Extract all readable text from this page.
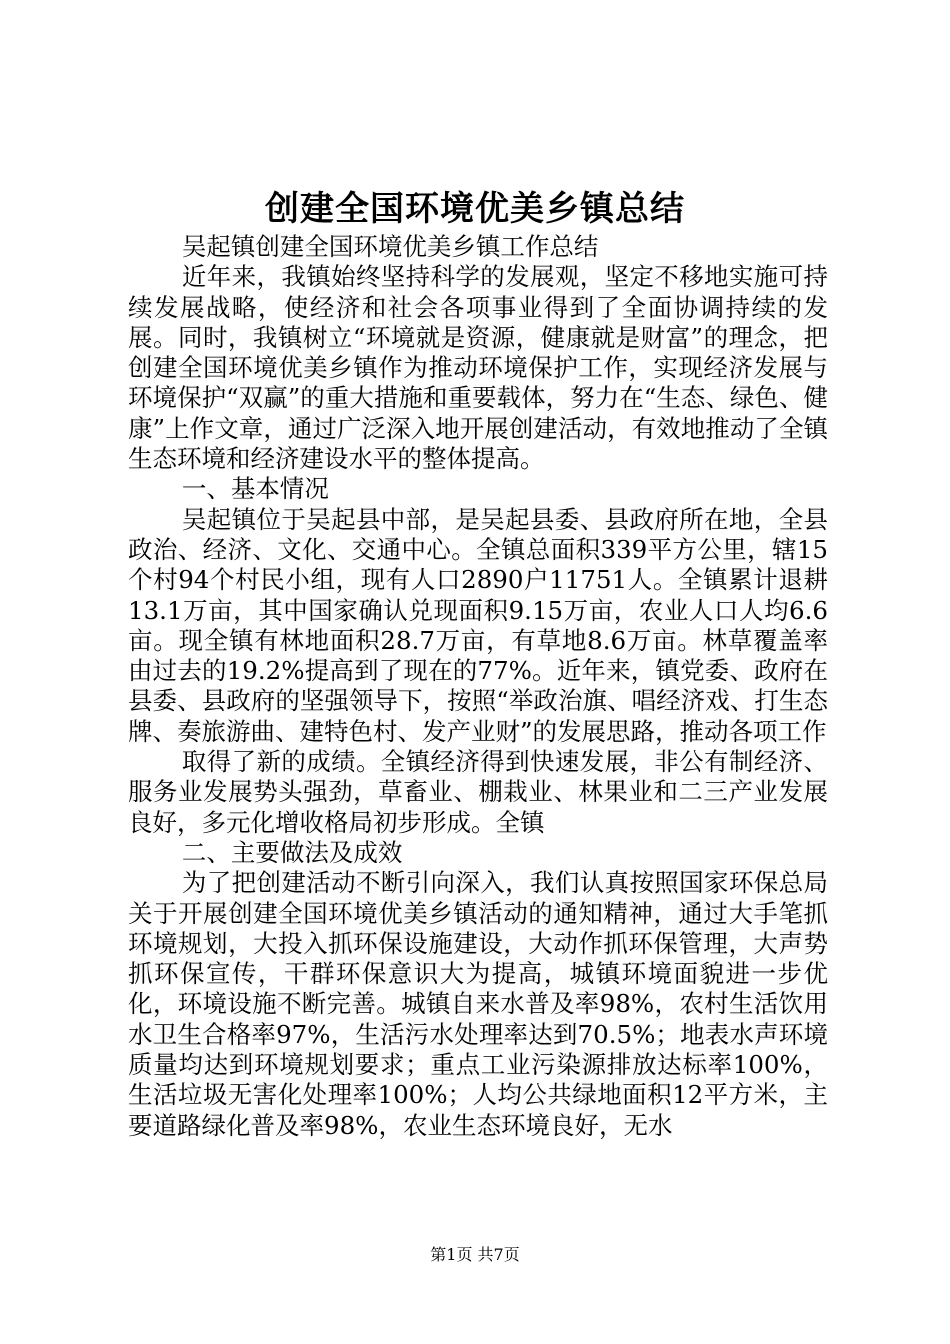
创建全国环境优美乡镇总结

吴起镇创建全国环境优美乡镇工作总结

近年来，我镇始终坚持科学的发展观，坚定不移地实施可持续发展战略，使经济和社会各项事业得到了全面协调持续的发展。同时，我镇树立“环境就是资源，健康就是财富”的理念，把创建全国环境优美乡镇作为推动环境保护工作，实现经济发展与环境保护“双赢”的重大措施和重要载体，努力在“生态、绿色、健康”上作文章，通过广泛深入地开展创建活动，有效地推动了全镇生态环境和经济建设水平的整体提高。

一、基本情况

吴起镇位于吴起县中部，是吴起县委、县政府所在地，全县政治、经济、文化、交通中心。全镇总面积339平方公里，辖15个村94个村民小组，现有人口2890户11751人。全镇累计退耕13.1万亩，其中国家确认兑现面积9.15万亩，农业人口人均6.6亩。现全镇有林地面积28.7万亩，有草地8.6万亩。林草覆盖率由过去的19.2%提高到了现在的77%。近年来，镇党委、政府在县委、县政府的坚强领导下，按照“举政治旗、唱经济戏、打生态牌、奏旅游曲、建特色村、发产业财”的发展思路，推动各项工作

取得了新的成绩。全镇经济得到快速发展，非公有制经济、服务业发展势头强劲，草畜业、棚栽业、林果业和二三产业发展良好，多元化增收格局初步形成。全镇

二、主要做法及成效

为了把创建活动不断引向深入，我们认真按照国家环保总局关于开展创建全国环境优美乡镇活动的通知精神，通过大手笔抓环境规划，大投入抓环保设施建设，大动作抓环保管理，大声势抓环保宣传，干群环保意识大为提高，城镇环境面貌进一步优化，环境设施不断完善。城镇自来水普及率98%，农村生活饮用水卫生合格率97%，生活污水处理率达到70.5%；地表水声环境质量均达到环境规划要求；重点工业污染源排放达标率100%，生活垃圾无害化处理率100%；人均公共绿地面积12平方米，主要道路绿化普及率98%，农业生态环境良好，无水

第1页 共7页
